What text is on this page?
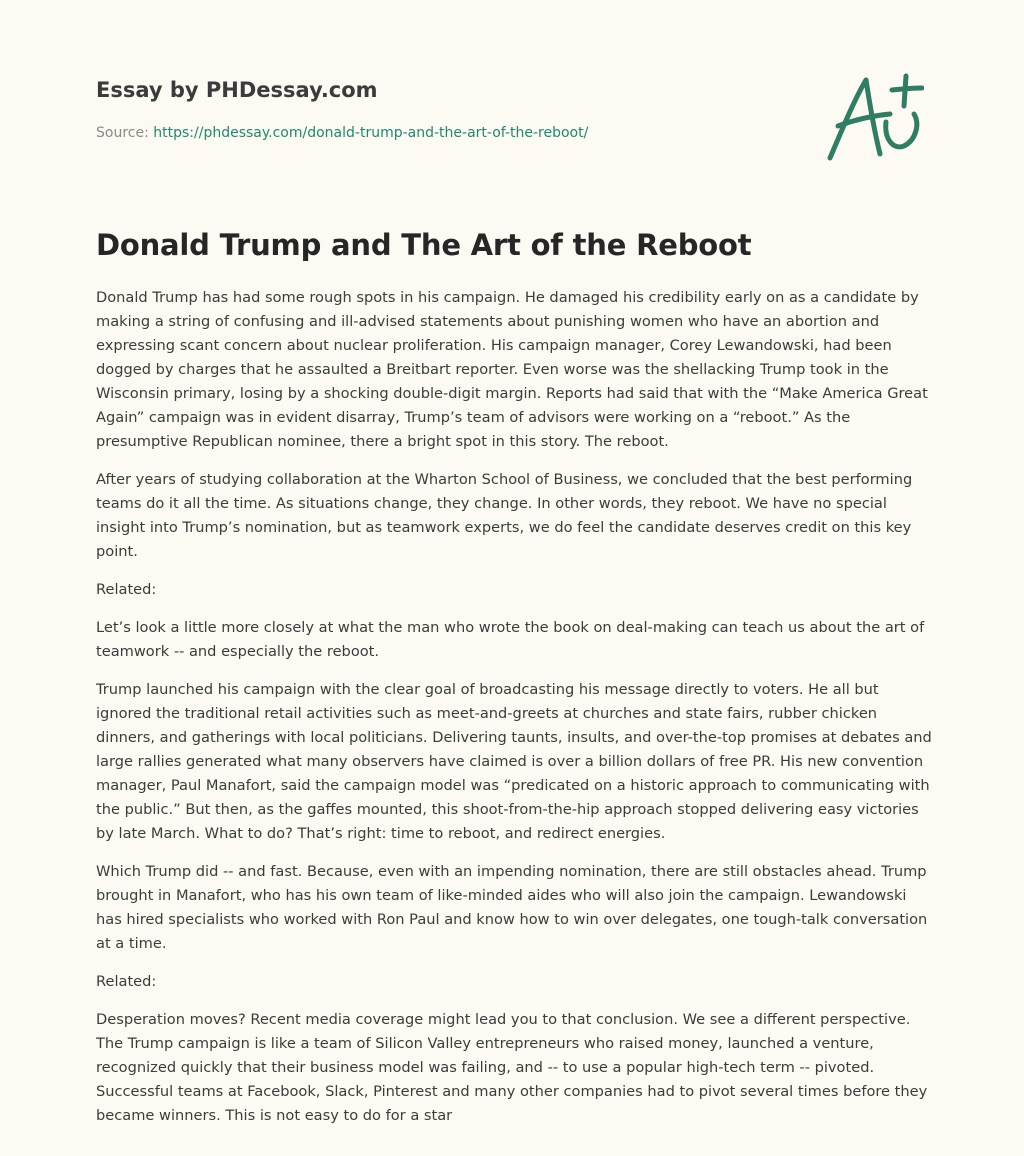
Essay by PHDessay.com
Source: https://phdessay.com/donald-trump-and-the-art-of-the-reboot/
Donald Trump and The Art of the Reboot

Donald Trump has had some rough spots in his campaign. He damaged his credibility early on as a candidate by making a string of confusing and ill-advised statements about punishing women who have an abortion and expressing scant concern about nuclear proliferation. His campaign manager, Corey Lewandowski, had been dogged by charges that he assaulted a Breitbart reporter. Even worse was the shellacking Trump took in the Wisconsin primary, losing by a shocking double-digit margin. Reports had said that with the “Make America Great Again” campaign was in evident disarray, Trump’s team of advisors were working on a “reboot.” As the presumptive Republican nominee, there a bright spot in this story. The reboot.

After years of studying collaboration at the Wharton School of Business, we concluded that the best performing teams do it all the time. As situations change, they change. In other words, they reboot. We have no special insight into Trump’s nomination, but as teamwork experts, we do feel the candidate deserves credit on this key point.

Related:

Let’s look a little more closely at what the man who wrote the book on deal-making can teach us about the art of teamwork -- and especially the reboot.

Trump launched his campaign with the clear goal of broadcasting his message directly to voters. He all but ignored the traditional retail activities such as meet-and-greets at churches and state fairs, rubber chicken dinners, and gatherings with local politicians. Delivering taunts, insults, and over-the-top promises at debates and large rallies generated what many observers have claimed is over a billion dollars of free PR. His new convention manager, Paul Manafort, said the campaign model was “predicated on a historic approach to communicating with the public.” But then, as the gaffes mounted, this shoot-from-the-hip approach stopped delivering easy victories by late March. What to do? That’s right: time to reboot, and redirect energies.

Which Trump did -- and fast. Because, even with an impending nomination, there are still obstacles ahead. Trump brought in Manafort, who has his own team of like-minded aides who will also join the campaign. Lewandowski has hired specialists who worked with Ron Paul and know how to win over delegates, one tough-talk conversation at a time.

Related:

Desperation moves? Recent media coverage might lead you to that conclusion. We see a different perspective. The Trump campaign is like a team of Silicon Valley entrepreneurs who raised money, launched a venture, recognized quickly that their business model was failing, and -- to use a popular high-tech term -- pivoted. Successful teams at Facebook, Slack, Pinterest and many other companies had to pivot several times before they became winners. This is not easy to do for a star
